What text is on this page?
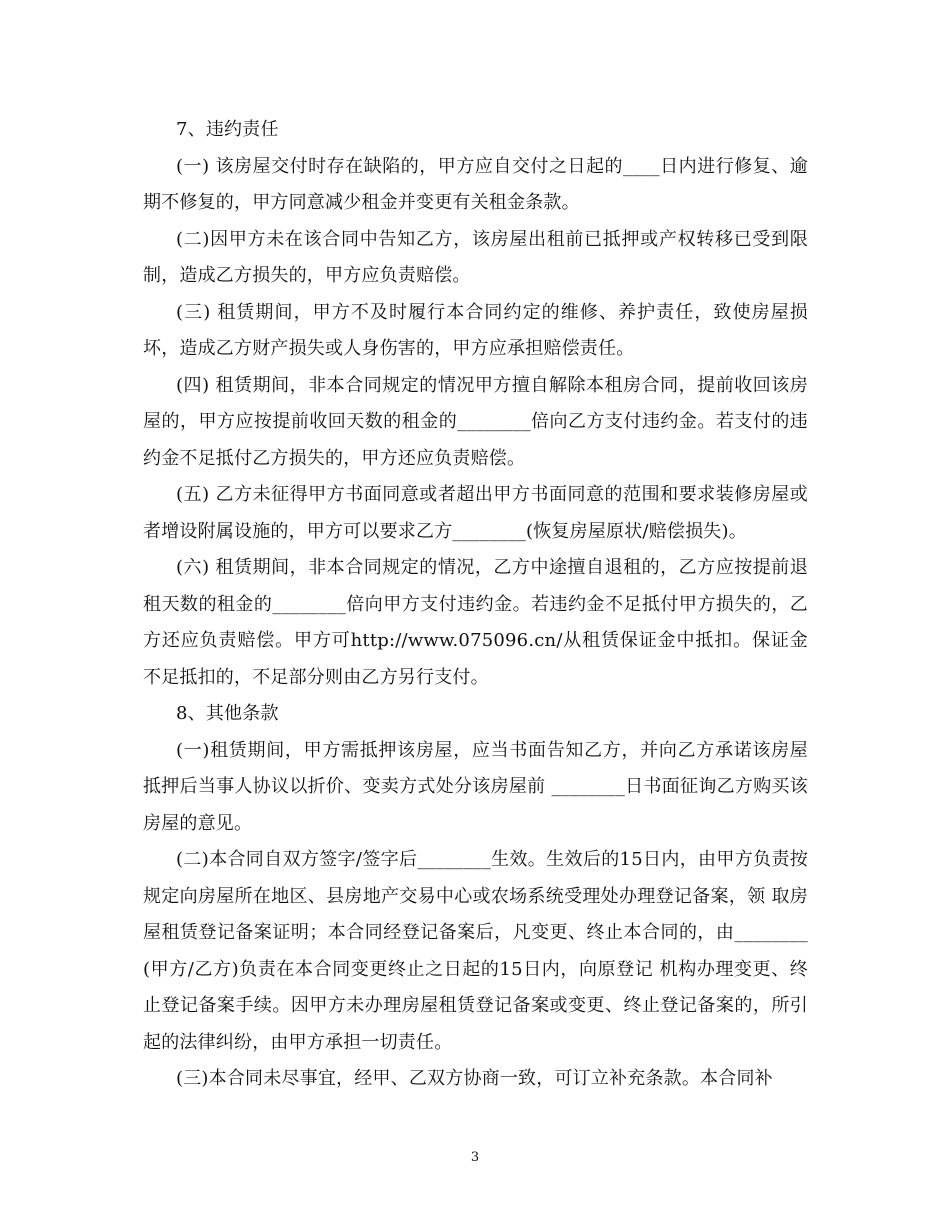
7、违约责任

(一) 该房屋交付时存在缺陷的，甲方应自交付之日起的____日内进行修复、逾期不修复的，甲方同意减少租金并变更有关租金条款。

(二)因甲方未在该合同中告知乙方，该房屋出租前已抵押或产权转移已受到限制，造成乙方损失的，甲方应负责赔偿。

(三) 租赁期间，甲方不及时履行本合同约定的维修、养护责任，致使房屋损坏，造成乙方财产损失或人身伤害的，甲方应承担赔偿责任。

(四) 租赁期间，非本合同规定的情况甲方擅自解除本租房合同，提前收回该房屋的，甲方应按提前收回天数的租金的________倍向乙方支付违约金。若支付的违约金不足抵付乙方损失的，甲方还应负责赔偿。

(五) 乙方未征得甲方书面同意或者超出甲方书面同意的范围和要求装修房屋或者增设附属设施的，甲方可以要求乙方________(恢复房屋原状/赔偿损失)。

(六) 租赁期间，非本合同规定的情况，乙方中途擅自退租的，乙方应按提前退租天数的租金的________倍向甲方支付违约金。若违约金不足抵付甲方损失的，乙方还应负责赔偿。甲方可http://www.075096.cn/从租赁保证金中抵扣。保证金不足抵扣的，不足部分则由乙方另行支付。

8、其他条款

(一)租赁期间，甲方需抵押该房屋，应当书面告知乙方，并向乙方承诺该房屋抵押后当事人协议以折价、变卖方式处分该房屋前 ________日书面征询乙方购买该房屋的意见。

(二)本合同自双方签字/签字后________生效。生效后的15日内，由甲方负责按规定向房屋所在地区、县房地产交易中心或农场系统受理处办理登记备案，领 取房屋租赁登记备案证明；本合同经登记备案后，凡变更、终止本合同的，由________(甲方/乙方)负责在本合同变更终止之日起的15日内，向原登记 机构办理变更、终止登记备案手续。因甲方未办理房屋租赁登记备案或变更、终止登记备案的，所引起的法律纠纷，由甲方承担一切责任。

(三)本合同未尽事宜，经甲、乙双方协商一致，可订立补充条款。本合同补

3
